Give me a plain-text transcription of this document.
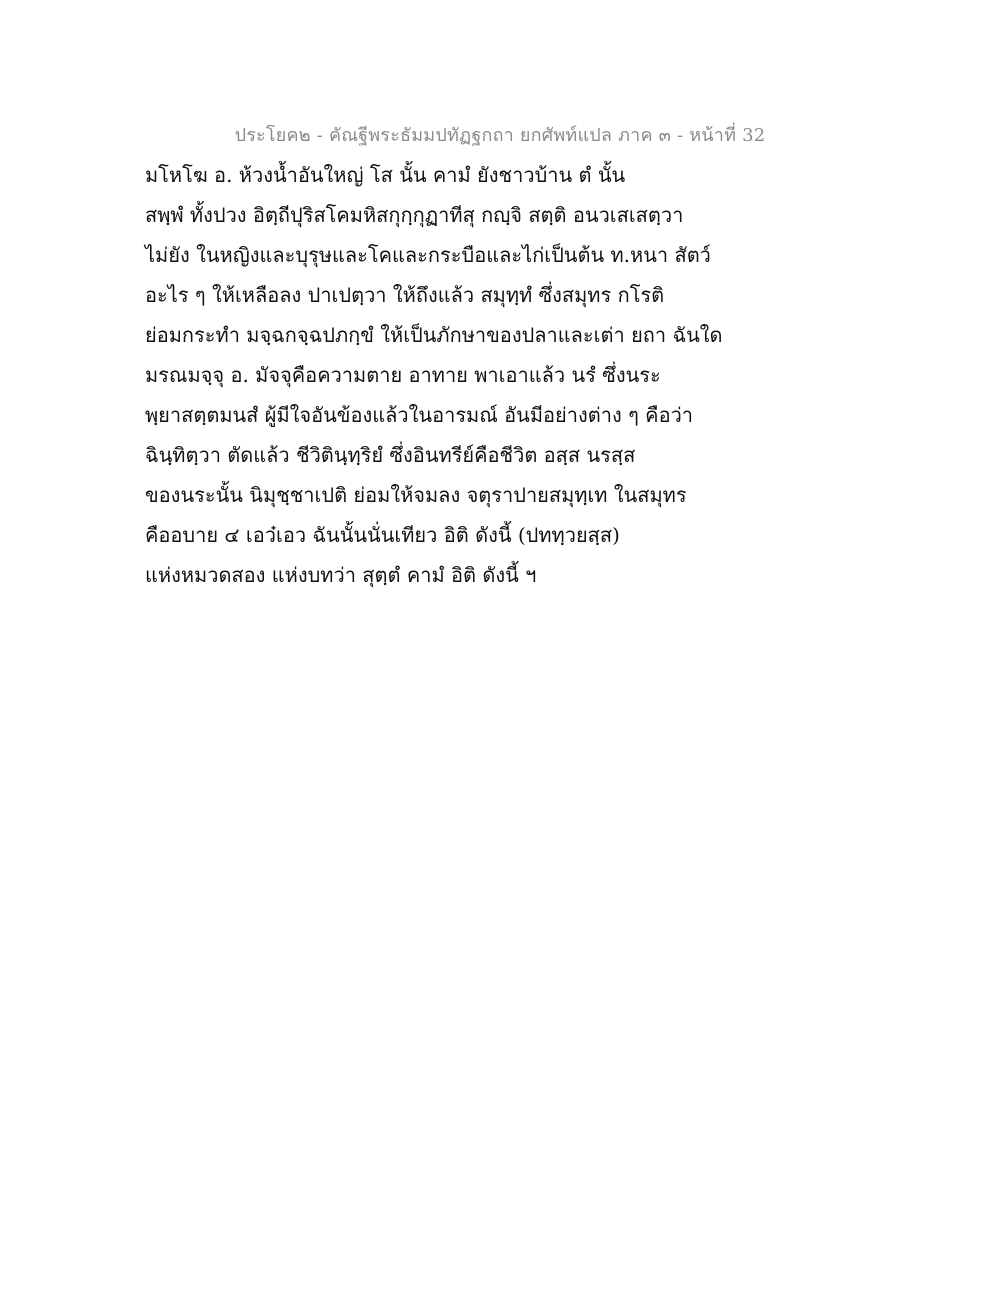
ประโยค๒ - คัณฐีพระธัมมปทัฏฐกถา ยกศัพท์แปล ภาค ๓ - หน้าที่ 32
มโหโฆ อ. ห้วงน้ำอันใหญ่ โส นั้น คามํ ยังชาวบ้าน ตํ นั้น
สพฺพํ ทั้งปวง อิตฺถีปุริสโคมหิสกุกฺกุฏาทีสุ กญฺจิ สตฺติ อนวเสเสตฺวา
ไม่ยัง ในหญิงและบุรุษและโคและกระบือและไก่เป็นต้น ท.หนา สัตว์
อะไร ๆ ให้เหลือลง ปาเปตฺวา ให้ถึงแล้ว สมุทฺทํ ซึ่งสมุทร กโรติ
ย่อมกระทำ มจฺฉกจฺฉปภกฺขํ ให้เป็นภักษาของปลาและเต่า ยถา ฉันใด
มรณมจฺจุ อ. มัจจุคือความตาย อาทาย พาเอาแล้ว นรํ ซึ่งนระ
พฺยาสตฺตมนสํ ผู้มีใจอันข้องแล้วในอารมณ์ อันมีอย่างต่าง ๆ คือว่า
ฉินฺทิตฺวา ตัดแล้ว ชีวิตินฺทฺริยํ ซึ่งอินทรีย์คือชีวิต อสฺส นรสฺส
ของนระนั้น นิมุชฺชาเปติ ย่อมให้จมลง จตุราปายสมุทฺเท ในสมุทร
คืออบาย ๔ เอว๋เอว ฉันนั้นนั่นเทียว อิติ ดังนี้ (ปททฺวยสฺส)
แห่งหมวดสอง แห่งบทว่า สุตฺตํ คามํ อิติ ดังนี้ ฯ
